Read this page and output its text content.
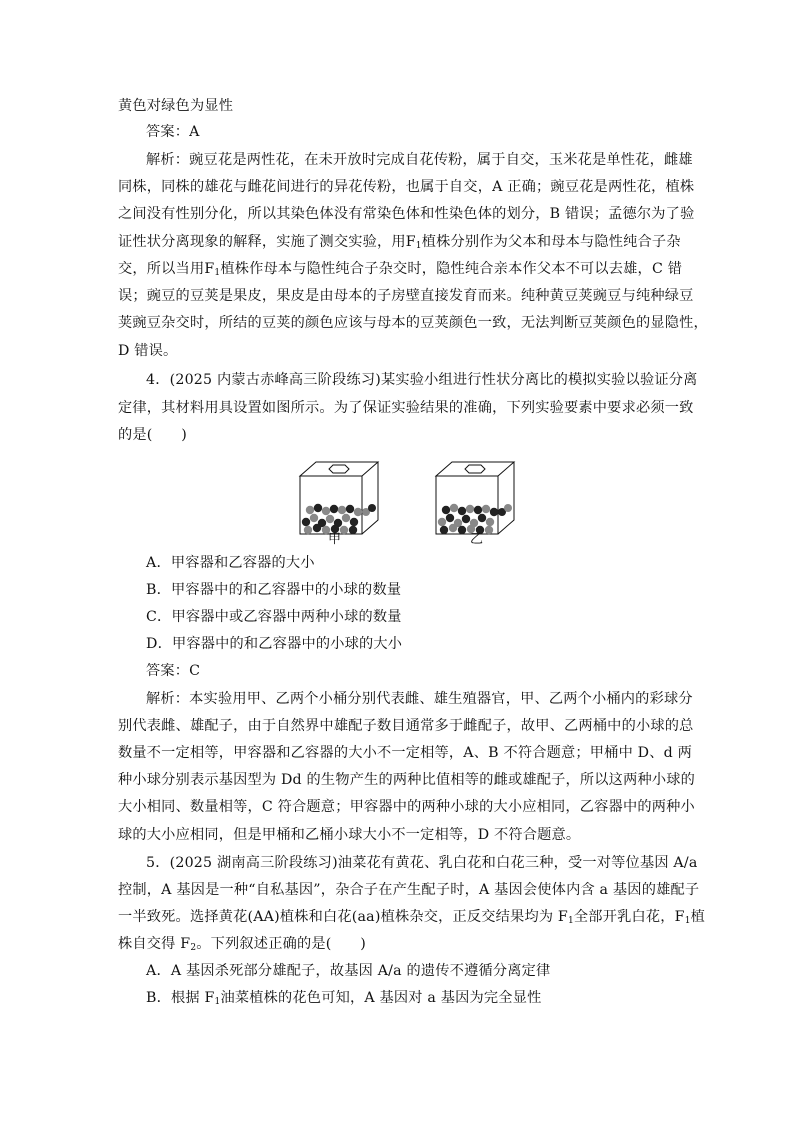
黄色对绿色为显性
答案：A
解析：豌豆花是两性花，在未开放时完成自花传粉，属于自交，玉米花是单性花，雌雄
同株，同株的雄花与雌花间进行的异花传粉，也属于自交，A 正确；豌豆花是两性花，植株
之间没有性别分化，所以其染色体没有常染色体和性染色体的划分，B 错误；孟德尔为了验
证性状分离现象的解释，实施了测交实验，用$F_1$植株分别作为父本和母本与隐性纯合子杂
交，所以当用$F_1$植株作母本与隐性纯合子杂交时，隐性纯合亲本作父本不可以去雄，C 错
误；豌豆的豆荚是果皮，果皮是由母本的子房壁直接发育而来。纯种黄豆荚豌豆与纯种绿豆
荚豌豆杂交时，所结的豆荚的颜色应该与母本的豆荚颜色一致，无法判断豆荚颜色的显隐性，
D 错误。
4．(2025 内蒙古赤峰高三阶段练习)某实验小组进行性状分离比的模拟实验以验证分离
定律，其材料用具设置如图所示。为了保证实验结果的准确，下列实验要素中要求必须一致
的是(　　)
甲	乙
A．甲容器和乙容器的大小
B．甲容器中的和乙容器中的小球的数量
C．甲容器中或乙容器中两种小球的数量
D．甲容器中的和乙容器中的小球的大小
答案：C
解析：本实验用甲、乙两个小桶分别代表雌、雄生殖器官，甲、乙两个小桶内的彩球分
别代表雌、雄配子，由于自然界中雄配子数目通常多于雌配子，故甲、乙两桶中的小球的总
数量不一定相等，甲容器和乙容器的大小不一定相等，A、B 不符合题意；甲桶中 D、d 两
种小球分别表示基因型为 Dd 的生物产生的两种比值相等的雌或雄配子，所以这两种小球的
大小相同、数量相等，C 符合题意；甲容器中的两种小球的大小应相同，乙容器中的两种小
球的大小应相同，但是甲桶和乙桶小球大小不一定相等，D 不符合题意。
5．(2025 湖南高三阶段练习)油菜花有黄花、乳白花和白花三种，受一对等位基因 A/a
控制，A 基因是一种“自私基因”，杂合子在产生配子时，A 基因会使体内含 a 基因的雄配子
一半致死。选择黄花(AA)植株和白花(aa)植株杂交，正反交结果均为 $F_1$全部开乳白花，$F_1$植
株自交得 $F_2$。下列叙述正确的是(　　)
A．A 基因杀死部分雄配子，故基因 A/a 的遗传不遵循分离定律
B．根据 $F_1$油菜植株的花色可知，A 基因对 a 基因为完全显性
